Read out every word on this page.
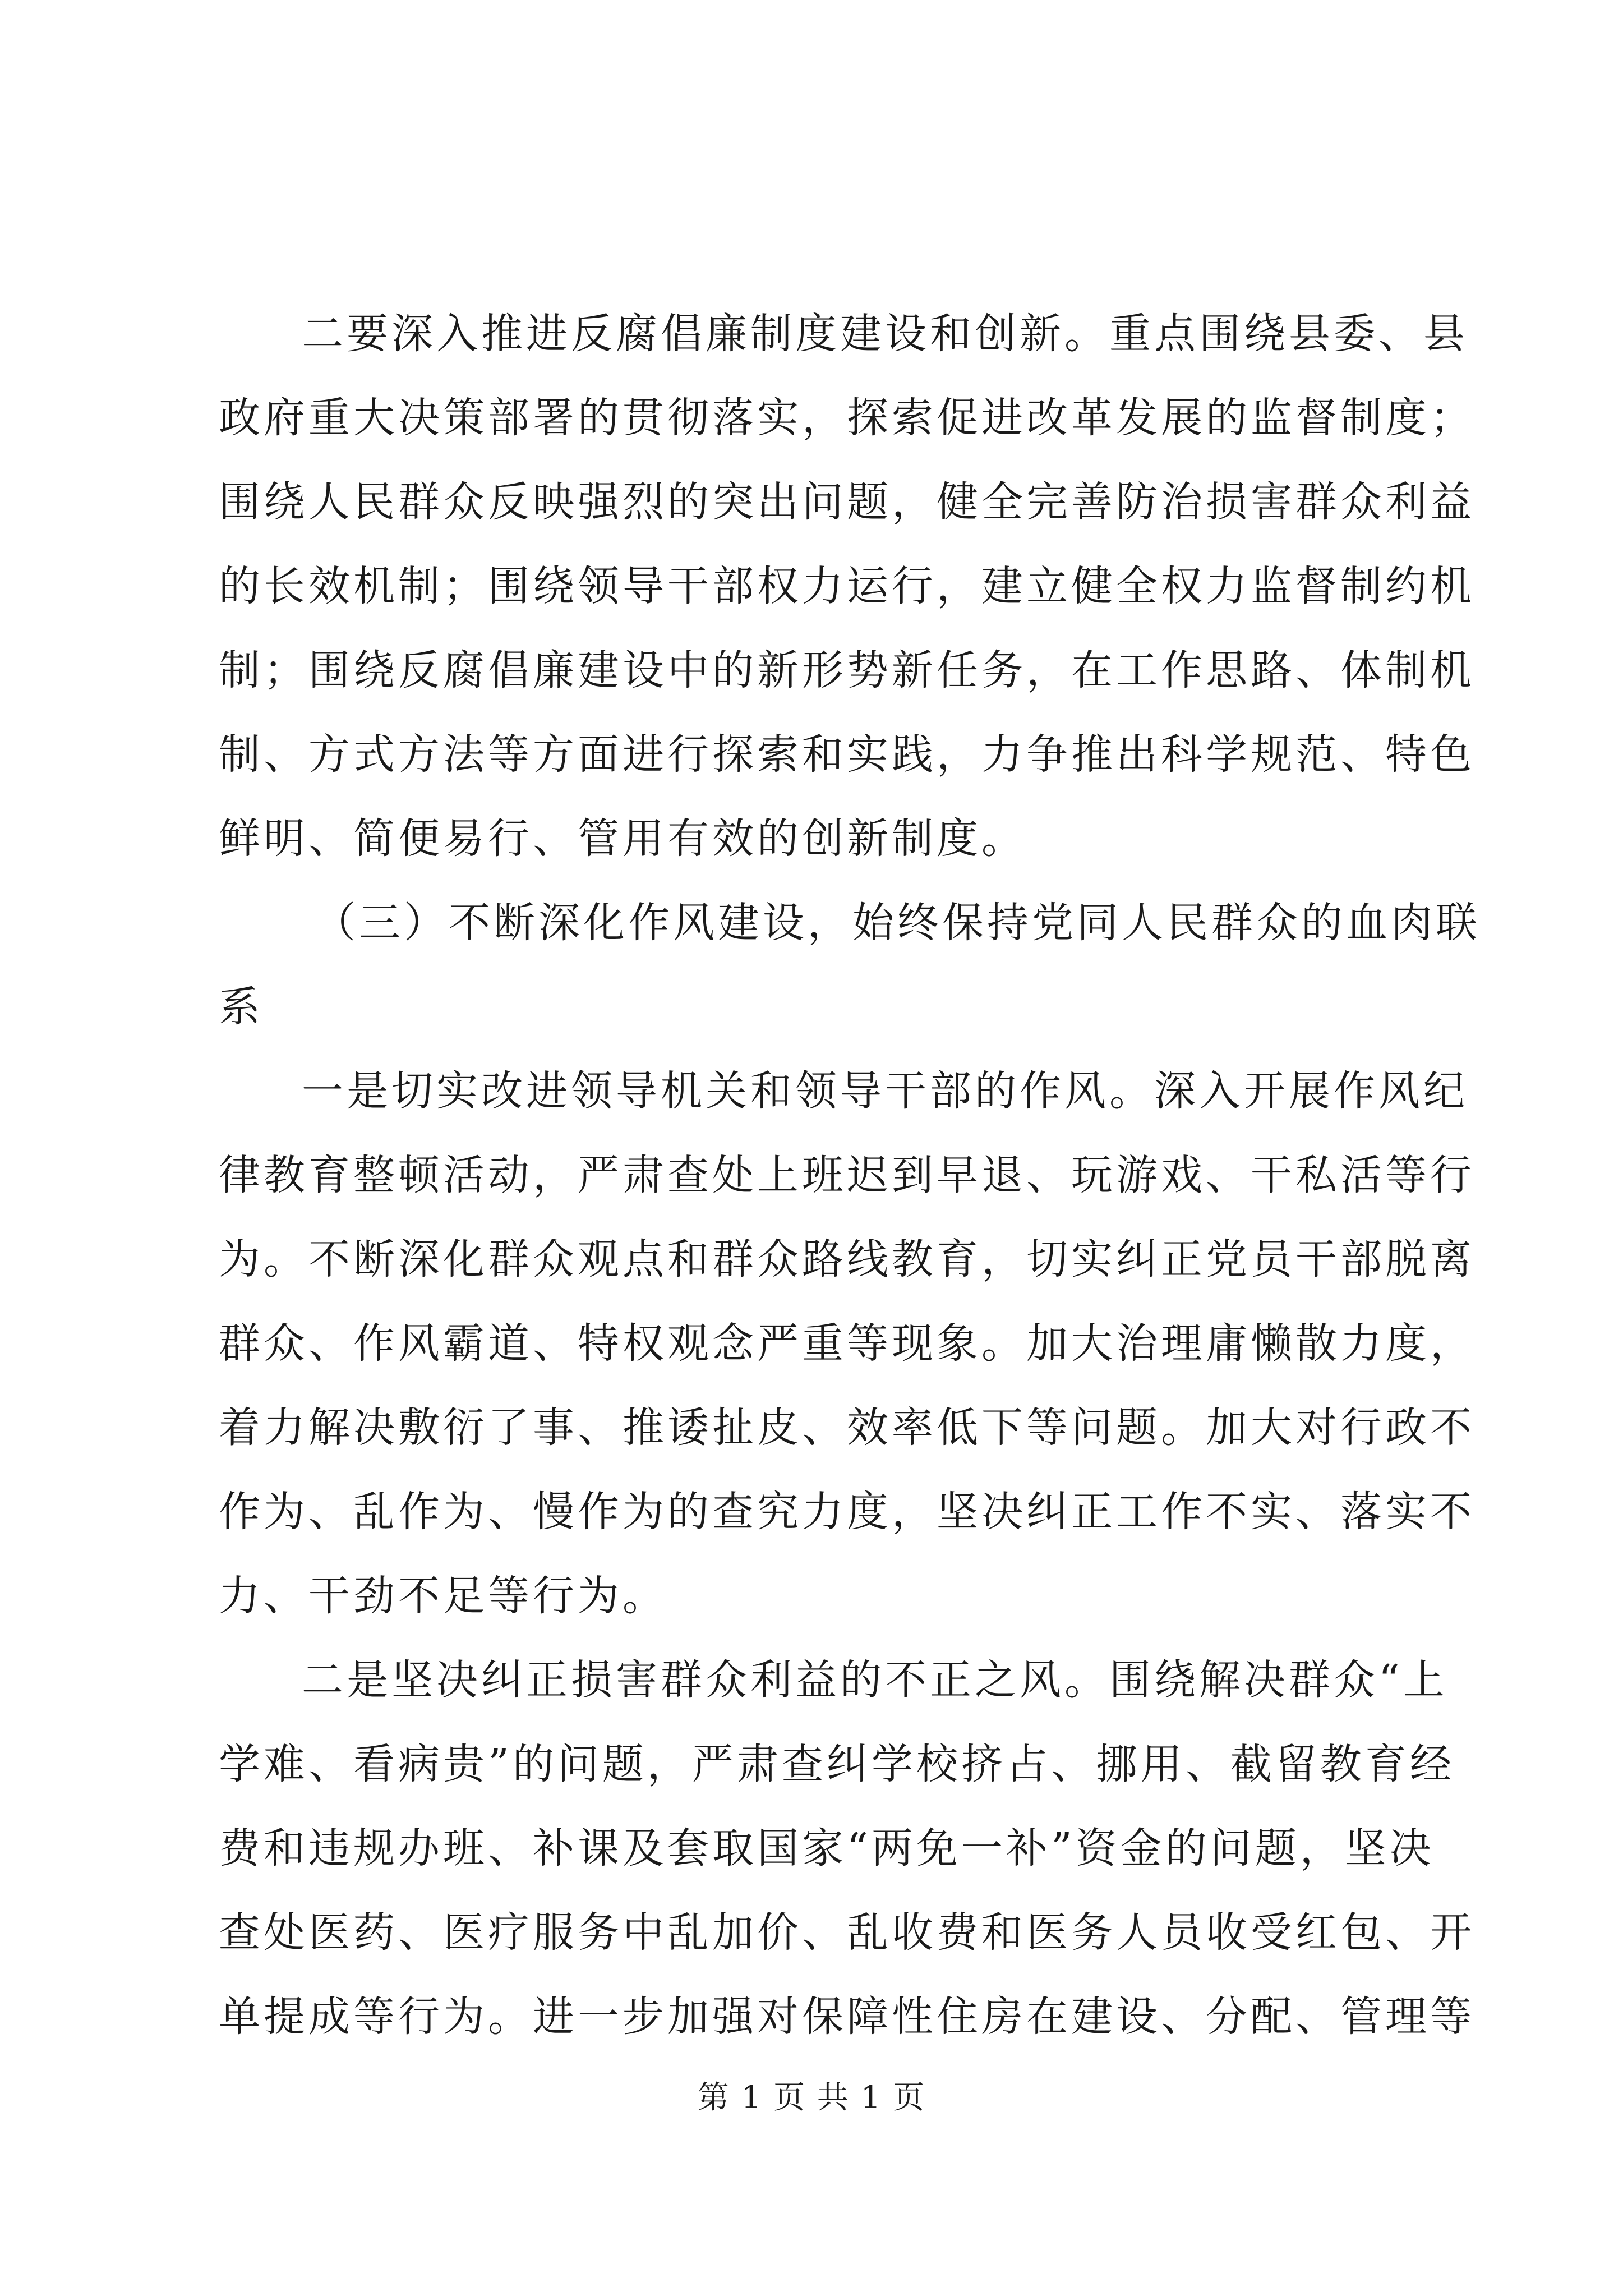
二要深入推进反腐倡廉制度建设和创新。重点围绕县委、县
政府重大决策部署的贯彻落实，探索促进改革发展的监督制度；
围绕人民群众反映强烈的突出问题，健全完善防治损害群众利益
的长效机制；围绕领导干部权力运行，建立健全权力监督制约机
制；围绕反腐倡廉建设中的新形势新任务，在工作思路、体制机
制、方式方法等方面进行探索和实践，力争推出科学规范、特色
鲜明、简便易行、管用有效的创新制度。
（三）不断深化作风建设，始终保持党同人民群众的血肉联
系
一是切实改进领导机关和领导干部的作风。深入开展作风纪
律教育整顿活动，严肃查处上班迟到早退、玩游戏、干私活等行
为。不断深化群众观点和群众路线教育，切实纠正党员干部脱离
群众、作风霸道、特权观念严重等现象。加大治理庸懒散力度，
着力解决敷衍了事、推诿扯皮、效率低下等问题。加大对行政不
作为、乱作为、慢作为的查究力度，坚决纠正工作不实、落实不
力、干劲不足等行为。
二是坚决纠正损害群众利益的不正之风。围绕解决群众“上
学难、看病贵”的问题，严肃查纠学校挤占、挪用、截留教育经
费和违规办班、补课及套取国家“两免一补”资金的问题，坚决
查处医药、医疗服务中乱加价、乱收费和医务人员收受红包、开
单提成等行为。进一步加强对保障性住房在建设、分配、管理等
第 1 页 共 1 页
